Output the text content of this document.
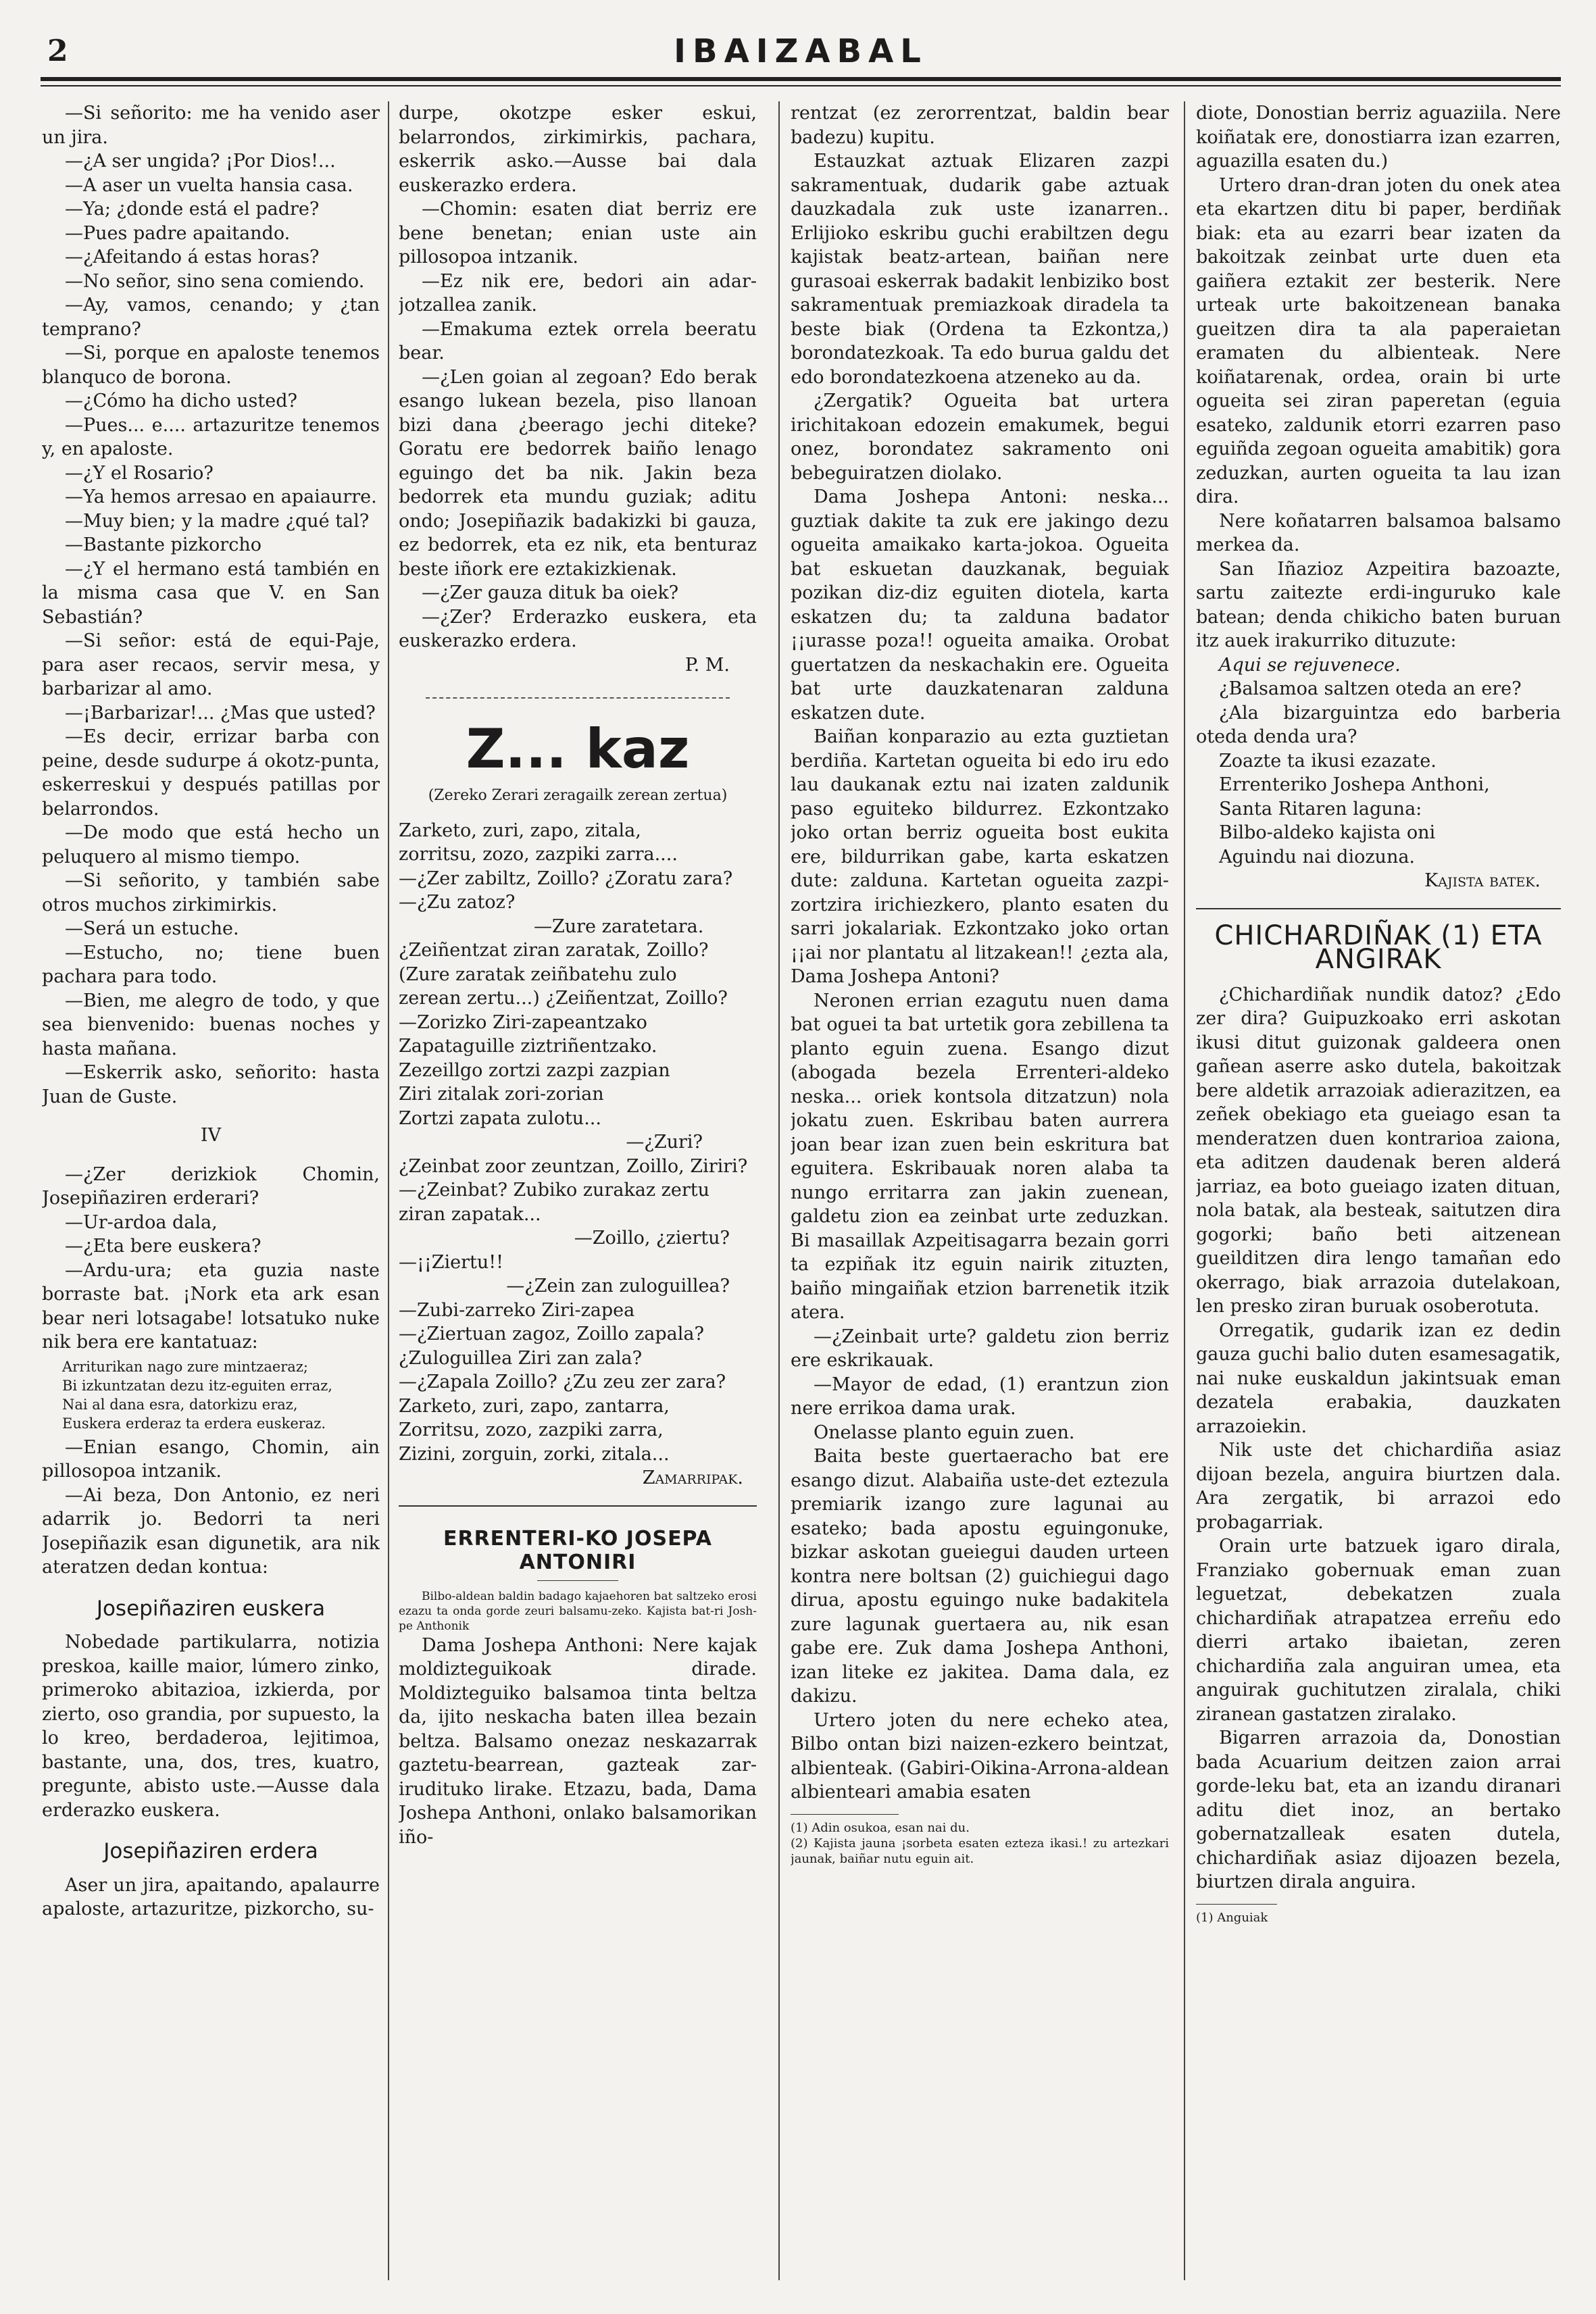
2	IBAIZABAL

—Si señorito: me ha venido aser un jira.

—¿A ser ungida? ¡Por Dios!...

—A aser un vuelta hansia casa.

—Ya; ¿donde está el padre?

—Pues padre apaitando.

—¿Afeitando á estas horas?

—No señor, sino sena comiendo.

—Ay, vamos, cenando; y ¿tan temprano?

—Si, porque en apaloste tenemos blanquco de borona.

—¿Cómo ha dicho usted?

—Pues... e.... artazuritze tenemos y, en apaloste.

—¿Y el Rosario?

—Ya hemos arresao en apaiaurre.

—Muy bien; y la madre ¿qué tal?

—Bastante pizkorcho

—¿Y el hermano está también en la misma casa que V. en San Sebastián?

—Si señor: está de equi-Paje, para aser recaos, servir mesa, y barbarizar al amo.

—¡Barbarizar!... ¿Mas que usted?

—Es decir, errizar barba con peine, desde sudurpe á okotz-punta, eskerreskui y después patillas por belarrondos.

—De modo que está hecho un peluquero al mismo tiempo.

—Si señorito, y también sabe otros muchos zirkimirkis.

—Será un estuche.

—Estucho, no; tiene buen pachara para todo.

—Bien, me alegro de todo, y que sea bienvenido: buenas noches y hasta mañana.

—Eskerrik asko, señorito: hasta Juan de Guste.

IV

—¿Zer derizkiok Chomin, Josepiñaziren erderari?

—Ur-ardoa dala,

—¿Eta bere euskera?

—Ardu-ura; eta guzia naste borraste bat. ¡Nork eta ark esan bear neri lotsagabe! lotsatuko nuke nik bera ere kantatuaz:

Arriturikan nago zure mintzaeraz;
Bi izkuntzatan dezu itz-eguiten erraz,
Nai al dana esra, datorkizu eraz,
Euskera erderaz ta erdera euskeraz.

—Enian esango, Chomin, ain pillosopoa intzanik.

—Ai beza, Don Antonio, ez neri adarrik jo. Bedorri ta neri Josepiñazik esan digunetik, ara nik ateratzen dedan kontua:

Josepiñaziren euskera

Nobedade partikularra, notizia preskoa, kaille maior, lúmero zinko, primeroko abitazioa, izkierda, por zierto, oso grandia, por supuesto, la lo kreo, berdaderoa, lejitimoa, bastante, una, dos, tres, kuatro, pregunte, abisto uste.—Ausse dala erderazko euskera.

Josepiñaziren erdera

Aser un jira, apaitando, apalaurre apaloste, artazuritze, pizkorcho, su-

durpe, okotzpe esker eskui, belarrondos, zirkimirkis, pachara, eskerrik asko.—Ausse bai dala euskerazko erdera.

—Chomin: esaten diat berriz ere bene benetan; enian uste ain pillosopoa intzanik.

—Ez nik ere, bedori ain adar-jotzallea zanik.

—Emakuma eztek orrela beeratu bear.

—¿Len goian al zegoan? Edo berak esango lukean bezela, piso llanoan bizi dana ¿beerago jechi diteke? Goratu ere bedorrek baiño lenago eguingo det ba nik. Jakin beza bedorrek eta mundu guziak; aditu ondo; Josepiñazik badakizki bi gauza, ez bedorrek, eta ez nik, eta benturaz beste iñork ere eztakizkienak.

—¿Zer gauza dituk ba oiek?

—¿Zer? Erderazko euskera, eta euskerazko erdera.

P. M.

Z... kaz
(Zereko Zerari zeragailk zerean zertua)

Zarketo, zuri, zapo, zitala,

zorritsu, zozo, zazpiki zarra....

—¿Zer zabiltz, Zoillo? ¿Zoratu zara?

—¿Zu zatoz?

—Zure zaratetara.

¿Zeiñentzat ziran zaratak, Zoillo?

(Zure zaratak zeiñbatehu zulo

zerean zertu...) ¿Zeiñentzat, Zoillo?

—Zorizko Ziri-zapeantzako

Zapataguille ziztriñentzako.

Zezeillgo zortzi zazpi zazpian

Ziri zitalak zori-zorian

Zortzi zapata zulotu...

—¿Zuri?

¿Zeinbat zoor zeuntzan, Zoillo, Ziriri?

—¿Zeinbat? Zubiko zurakaz zertu

ziran zapatak...

—Zoillo, ¿ziertu?

—¡¡Ziertu!!

—¿Zein zan zuloguillea?

—Zubi-zarreko Ziri-zapea

—¿Ziertuan zagoz, Zoillo zapala?

¿Zuloguillea Ziri zan zala?

—¿Zapala Zoillo? ¿Zu zeu zer zara?

Zarketo, zuri, zapo, zantarra,

Zorritsu, zozo, zazpiki zarra,

Zizini, zorguin, zorki, zitala...

Zamarripak.

ERRENTERI-KO JOSEPA ANTONIRI

Bilbo-aldean baldin badago kajaehoren bat saltzeko erosi ezazu ta onda gorde zeuri balsamu-zeko. Kajista bat-ri Josh-pe Anthonik

Dama Joshepa Anthoni: Nere kajak moldizteguikoak dirade. Moldizteguiko balsamoa tinta beltza da, ijito neskacha baten illea bezain beltza. Balsamo onezaz neskazarrak gaztetu-bearrean, gazteak zar-irudituko lirake. Etzazu, bada, Dama Joshepa Anthoni, onlako balsamorikan iño-

rentzat (ez zerorrentzat, baldin bear badezu) kupitu.

Estauzkat aztuak Elizaren zazpi sakramentuak, dudarik gabe aztuak dauzkadala zuk uste izanarren.. Erlijioko eskribu guchi erabiltzen degu kajistak beatz-artean, baiñan nere gurasoai eskerrak badakit lenbiziko bost sakramentuak premiazkoak diradela ta beste biak (Ordena ta Ezkontza,) borondatezkoak. Ta edo burua galdu det edo borondatezkoena atzeneko au da.

¿Zergatik? Ogueita bat urtera irichitakoan edozein emakumek, begui onez, borondatez sakramento oni bebeguiratzen diolako.

Dama Joshepa Antoni: neska... guztiak dakite ta zuk ere jakingo dezu ogueita amaikako karta-jokoa. Ogueita bat eskuetan dauzkanak, beguiak pozikan diz-diz eguiten diotela, karta eskatzen du; ta zalduna badator ¡¡urasse poza!! ogueita amaika. Orobat guertatzen da neskachakin ere. Ogueita bat urte dauzkatenaran zalduna eskatzen dute.

Baiñan konparazio au ezta guztietan berdiña. Kartetan ogueita bi edo iru edo lau daukanak eztu nai izaten zaldunik paso eguiteko bildurrez. Ezkontzako joko ortan berriz ogueita bost eukita ere, bildurrikan gabe, karta eskatzen dute: zalduna. Kartetan ogueita zazpi-zortzira irichiezkero, planto esaten du sarri jokalariak. Ezkontzako joko ortan ¡¡ai nor plantatu al litzakean!! ¿ezta ala, Dama Joshepa Antoni?

Neronen errian ezagutu nuen dama bat oguei ta bat urtetik gora zebillena ta planto eguin zuena. Esango dizut (abogada bezela Errenteri-aldeko neska... oriek kontsola ditzatzun) nola jokatu zuen. Eskribau baten aurrera joan bear izan zuen bein eskritura bat eguitera. Eskribauak noren alaba ta nungo erritarra zan jakin zuenean, galdetu zion ea zeinbat urte zeduzkan. Bi masaillak Azpeitisagarra bezain gorri ta ezpiñak itz eguin nairik zituzten, baiño mingaiñak etzion barrenetik itzik atera.

—¿Zeinbait urte? galdetu zion berriz ere eskrikauak.

—Mayor de edad, (1) erantzun zion nere errikoa dama urak.

Onelasse planto eguin zuen.

Baita beste guertaeracho bat ere esango dizut. Alabaiña uste-det eztezula premiarik izango zure lagunai au esateko; bada apostu eguingonuke, bizkar askotan gueiegui dauden urteen kontra nere boltsan (2) guichiegui dago dirua, apostu eguingo nuke badakitela zure lagunak guertaera au, nik esan gabe ere. Zuk dama Joshepa Anthoni, izan liteke ez jakitea. Dama dala, ez dakizu.

Urtero joten du nere echeko atea, Bilbo ontan bizi naizen-ezkero beintzat, albienteak. (Gabiri-Oikina-Arrona-aldean albienteari amabia esaten

(1) Adin osukoa, esan nai du.

(2) Kajista jauna ¡sorbeta esaten ezteza ikasi.! zu artezkari jaunak, baiñar nutu eguin ait.

diote, Donostian berriz aguaziila. Nere koiñatak ere, donostiarra izan ezarren, aguazilla esaten du.)

Urtero dran-dran joten du onek atea eta ekartzen ditu bi paper, berdiñak biak: eta au ezarri bear izaten da bakoitzak zeinbat urte duen eta gaiñera eztakit zer besterik. Nere urteak urte bakoitzenean banaka gueitzen dira ta ala paperaietan eramaten du albienteak. Nere koiñatarenak, ordea, orain bi urte ogueita sei ziran paperetan (eguia esateko, zaldunik etorri ezarren paso eguiñda zegoan ogueita amabitik) gora zeduzkan, aurten ogueita ta lau izan dira.

Nere koñatarren balsamoa balsamo merkea da.

San Iñazioz Azpeitira bazoazte, sartu zaitezte erdi-inguruko kale batean; denda chikicho baten buruan itz auek irakurriko dituzute:

Aqui se rejuvenece.

¿Balsamoa saltzen oteda an ere?

¿Ala bizarguintza edo barberia oteda denda ura?

Zoazte ta ikusi ezazate.

Errenteriko Joshepa Anthoni,

Santa Ritaren laguna:

Bilbo-aldeko kajista oni

Aguindu nai diozuna.

Kajista batek.

CHICHARDIÑAK (1) ETA ANGIRAK

¿Chichardiñak nundik datoz? ¿Edo zer dira? Guipuzkoako erri askotan ikusi ditut guizonak galdeera onen gañean aserre asko dutela, bakoitzak bere aldetik arrazoiak adierazitzen, ea zeñek obekiago eta gueiago esan ta menderatzen duen kontrarioa zaiona, eta aditzen daudenak beren alderá jarriaz, ea boto gueiago izaten dituan, nola batak, ala besteak, saitutzen dira gogorki; baño beti aitzenean gueilditzen dira lengo tamañan edo okerrago, biak arrazoia dutelakoan, len presko ziran buruak osoberotuta.

Orregatik, gudarik izan ez dedin gauza guchi balio duten esamesagatik, nai nuke euskaldun jakintsuak eman dezatela erabakia, dauzkaten arrazoiekin.

Nik uste det chichardiña asiaz dijoan bezela, anguira biurtzen dala. Ara zergatik, bi arrazoi edo probagarriak.

Orain urte batzuek igaro dirala, Franziako gobernuak eman zuan leguetzat, debekatzen zuala chichardiñak atrapatzea erreñu edo dierri artako ibaietan, zeren chichardiña zala anguiran umea, eta anguirak guchitutzen ziralala, chiki ziranean gastatzen ziralako.

Bigarren arrazoia da, Donostian bada Acuarium deitzen zaion arrai gorde-leku bat, eta an izandu diranari aditu diet inoz, an bertako gobernatzalleak esaten dutela, chichardiñak asiaz dijoazen bezela, biurtzen dirala anguira.

(1) Anguiak
